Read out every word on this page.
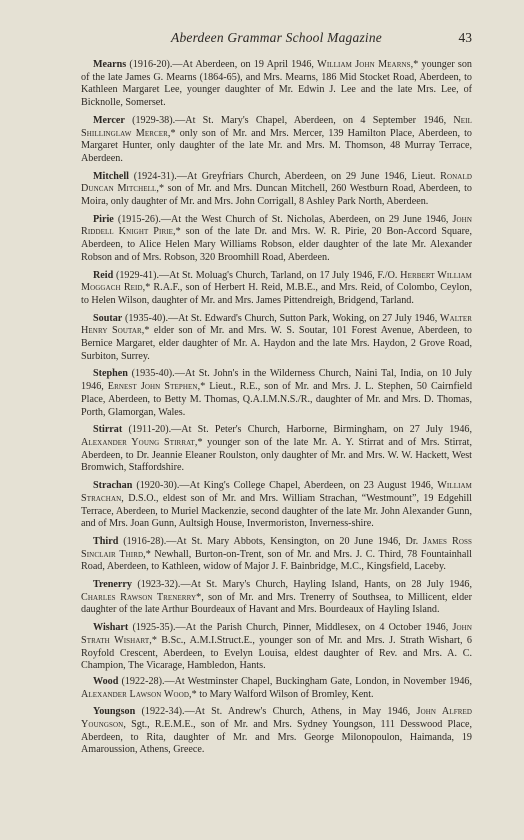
Aberdeen Grammar School Magazine	43

Mearns (1916-20).—At Aberdeen, on 19 April 1946, William John Mearns,* younger son of the late James G. Mearns (1864-65), and Mrs. Mearns, 186 Mid Stocket Road, Aberdeen, to Kathleen Margaret Lee, younger daughter of Mr. Edwin J. Lee and the late Mrs. Lee, of Bicknolle, Somerset.

Mercer (1929-38).—At St. Mary's Chapel, Aberdeen, on 4 September 1946, Neil Shillinglaw Mercer,* only son of Mr. and Mrs. Mercer, 139 Hamilton Place, Aberdeen, to Margaret Hunter, only daughter of the late Mr. and Mrs. M. Thomson, 48 Murray Terrace, Aberdeen.

Mitchell (1924-31).—At Greyfriars Church, Aberdeen, on 29 June 1946, Lieut. Ronald Duncan Mitchell,* son of Mr. and Mrs. Duncan Mitchell, 260 Westburn Road, Aberdeen, to Moira, only daughter of Mr. and Mrs. John Corrigall, 8 Ashley Park North, Aberdeen.

Pirie (1915-26).—At the West Church of St. Nicholas, Aberdeen, on 29 June 1946, John Riddell Knight Pirie,* son of the late Dr. and Mrs. W. R. Pirie, 20 Bon-Accord Square, Aberdeen, to Alice Helen Mary Williams Robson, elder daughter of the late Mr. Alexander Robson and of Mrs. Robson, 320 Broomhill Road, Aberdeen.

Reid (1929-41).—At St. Moluag's Church, Tarland, on 17 July 1946, F./O. Herbert William Moggach Reid,* R.A.F., son of Herbert H. Reid, M.B.E., and Mrs. Reid, of Colombo, Ceylon, to Helen Wilson, daughter of Mr. and Mrs. James Pittendreigh, Bridgend, Tarland.

Soutar (1935-40).—At St. Edward's Church, Sutton Park, Woking, on 27 July 1946, Walter Henry Soutar,* elder son of Mr. and Mrs. W. S. Soutar, 101 Forest Avenue, Aberdeen, to Bernice Margaret, elder daughter of Mr. A. Haydon and the late Mrs. Haydon, 2 Grove Road, Surbiton, Surrey.

Stephen (1935-40).—At St. John's in the Wilderness Church, Naini Tal, India, on 10 July 1946, Ernest John Stephen,* Lieut., R.E., son of Mr. and Mrs. J. L. Stephen, 50 Cairnfield Place, Aberdeen, to Betty M. Thomas, Q.A.I.M.N.S./R., daughter of Mr. and Mrs. D. Thomas, Porth, Glamorgan, Wales.

Stirrat (1911-20).—At St. Peter's Church, Harborne, Birmingham, on 27 July 1946, Alexander Young Stirrat,* younger son of the late Mr. A. Y. Stirrat and of Mrs. Stirrat, Aberdeen, to Dr. Jeannie Eleaner Roulston, only daughter of Mr. and Mrs. W. W. Hackett, West Bromwich, Staffordshire.

Strachan (1920-30).—At King's College Chapel, Aberdeen, on 23 August 1946, William Strachan, D.S.O., eldest son of Mr. and Mrs. William Strachan, “Westmount”, 19 Edgehill Terrace, Aberdeen, to Muriel Mackenzie, second daughter of the late Mr. John Alexander Gunn, and of Mrs. Joan Gunn, Aultsigh House, Invermoriston, Inverness-shire.

Third (1916-28).—At St. Mary Abbots, Kensington, on 20 June 1946, Dr. James Ross Sinclair Third,* Newhall, Burton-on-Trent, son of Mr. and Mrs. J. C. Third, 78 Fountainhall Road, Aberdeen, to Kathleen, widow of Major J. F. Bainbridge, M.C., Kingsfield, Laceby.

Trenerry (1923-32).—At St. Mary's Church, Hayling Island, Hants, on 28 July 1946, Charles Rawson Trenerry*, son of Mr. and Mrs. Trenerry of Southsea, to Millicent, elder daughter of the late Arthur Bourdeaux of Havant and Mrs. Bourdeaux of Hayling Island.

Wishart (1925-35).—At the Parish Church, Pinner, Middlesex, on 4 October 1946, John Strath Wishart,* B.Sc., A.M.I.Struct.E., younger son of Mr. and Mrs. J. Strath Wishart, 6 Royfold Crescent, Aberdeen, to Evelyn Louisa, eldest daughter of Rev. and Mrs. A. C. Champion, The Vicarage, Hambledon, Hants.

Wood (1922-28).—At Westminster Chapel, Buckingham Gate, London, in November 1946, Alexander Lawson Wood,* to Mary Walford Wilson of Bromley, Kent.

Youngson (1922-34).—At St. Andrew's Church, Athens, in May 1946, John Alfred Youngson, Sgt., R.E.M.E., son of Mr. and Mrs. Sydney Youngson, 111 Desswood Place, Aberdeen, to Rita, daughter of Mr. and Mrs. George Milonopoulon, Haimanda, 19 Amaroussion, Athens, Greece.
